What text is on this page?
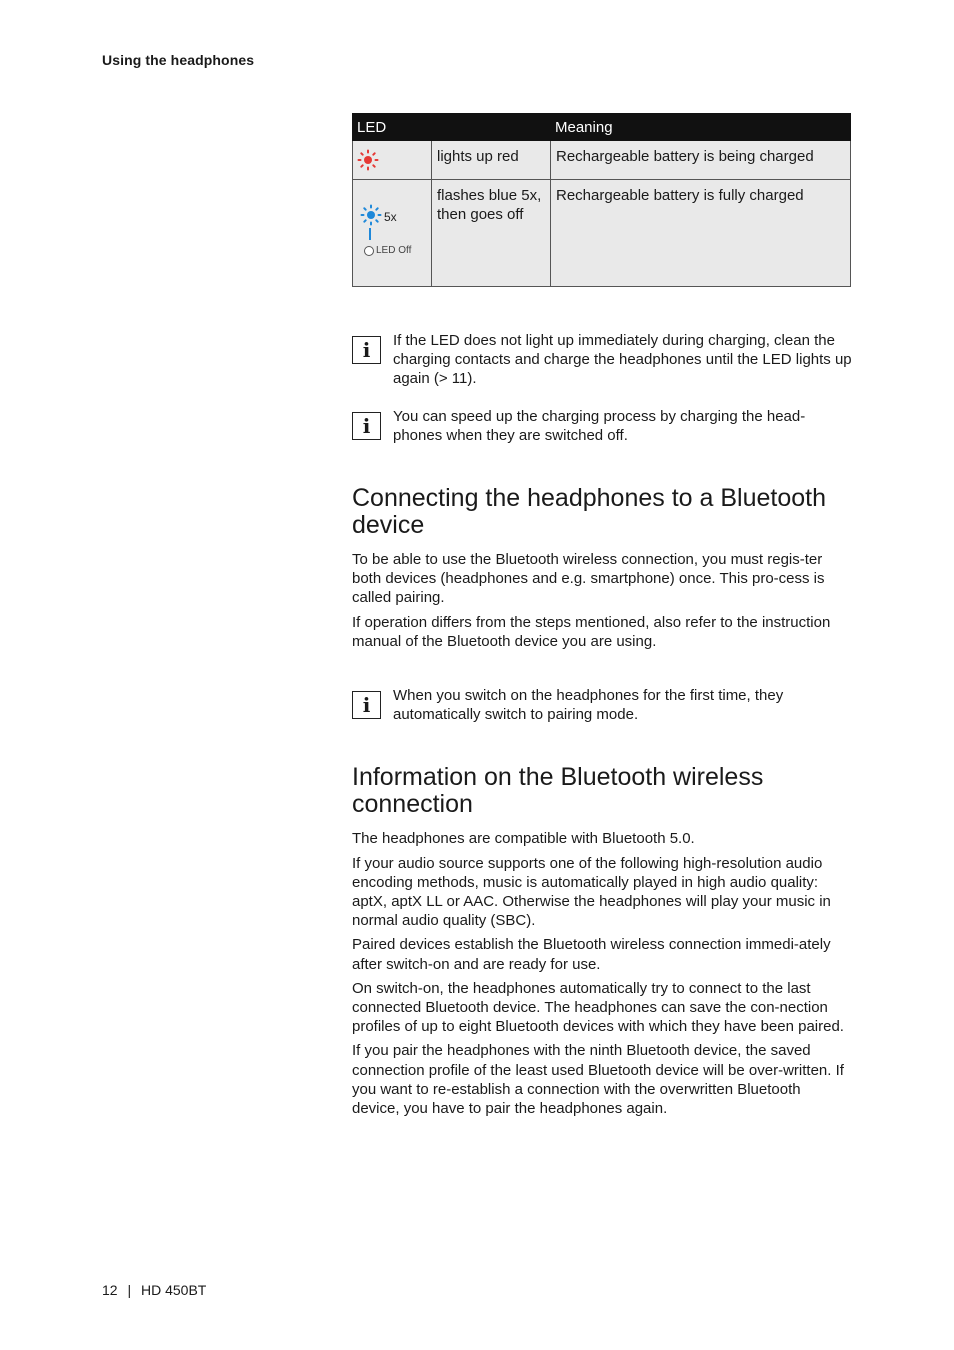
Using the headphones
LED		Meaning
	lights up red	Rechargeable battery is being charged

5x
LED Off	flashes blue 5x, then goes off	Rechargeable battery is fully charged
i If the LED does not light up immediately during charging, clean the charging contacts and charge the headphones until the LED lights up again (> 11).

i You can speed up the charging process by charging the head-phones when they are switched off.

Connecting the headphones to a Bluetooth device

To be able to use the Bluetooth wireless connection, you must regis-ter both devices (headphones and e.g. smartphone) once. This pro-cess is called pairing.

If operation differs from the steps mentioned, also refer to the instruction manual of the Bluetooth device you are using.

i When you switch on the headphones for the first time, they automatically switch to pairing mode.

Information on the Bluetooth wireless connection

The headphones are compatible with Bluetooth 5.0.

If your audio source supports one of the following high-resolution audio encoding methods, music is automatically played in high audio quality: aptX, aptX LL or AAC. Otherwise the headphones will play your music in normal audio quality (SBC).

Paired devices establish the Bluetooth wireless connection immedi-ately after switch-on and are ready for use.

On switch-on, the headphones automatically try to connect to the last connected Bluetooth device. The headphones can save the con-nection profiles of up to eight Bluetooth devices with which they have been paired.

If you pair the headphones with the ninth Bluetooth device, the saved connection profile of the least used Bluetooth device will be over-written. If you want to re-establish a connection with the overwritten Bluetooth device, you have to pair the headphones again.

12 | HD 450BT
